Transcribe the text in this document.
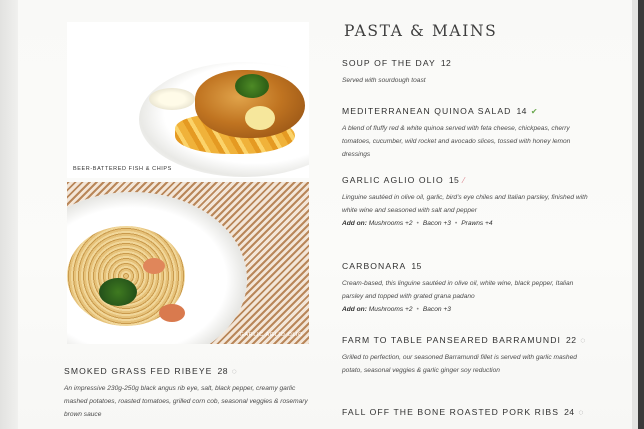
BEER-BATTERED FISH & CHIPS
GARLIC AGLIO OLIO
PASTA & MAINS
SOUP OF THE DAY 12
Served with sourdough toast
MEDITERRANEAN QUINOA SALAD 14 ✔
A blend of fluffy red & white quinoa served with feta cheese, chickpeas, cherry tomatoes, cucumber, wild rocket and avocado slices, tossed with honey lemon dressings
GARLIC AGLIO OLIO 15 ⁄
Linguine sautéed in olive oil, garlic, bird's eye chiles and Italian parsley, finished with white wine and seasoned with salt and pepper
Add on: Mushrooms +2 • Bacon +3 • Prawns +4
CARBONARA 15
Cream-based, this linguine sautéed in olive oil, white wine, black pepper, Italian parsley and topped with grated grana padano
Add on: Mushrooms +2 • Bacon +3
FARM TO TABLE PANSEARED BARRAMUNDI 22 ◌
Grilled to perfection, our seasoned Barramundi fillet is served with garlic mashed potato, seasonal veggies & garlic ginger soy reduction
FALL OFF THE BONE ROASTED PORK RIBS 24 ◌
SMOKED GRASS FED RIBEYE 28 ◌
An impressive 230g-250g black angus rib eye, salt, black pepper, creamy garlic mashed potatoes, roasted tomatoes, grilled corn cob, seasonal veggies & rosemary brown sauce
